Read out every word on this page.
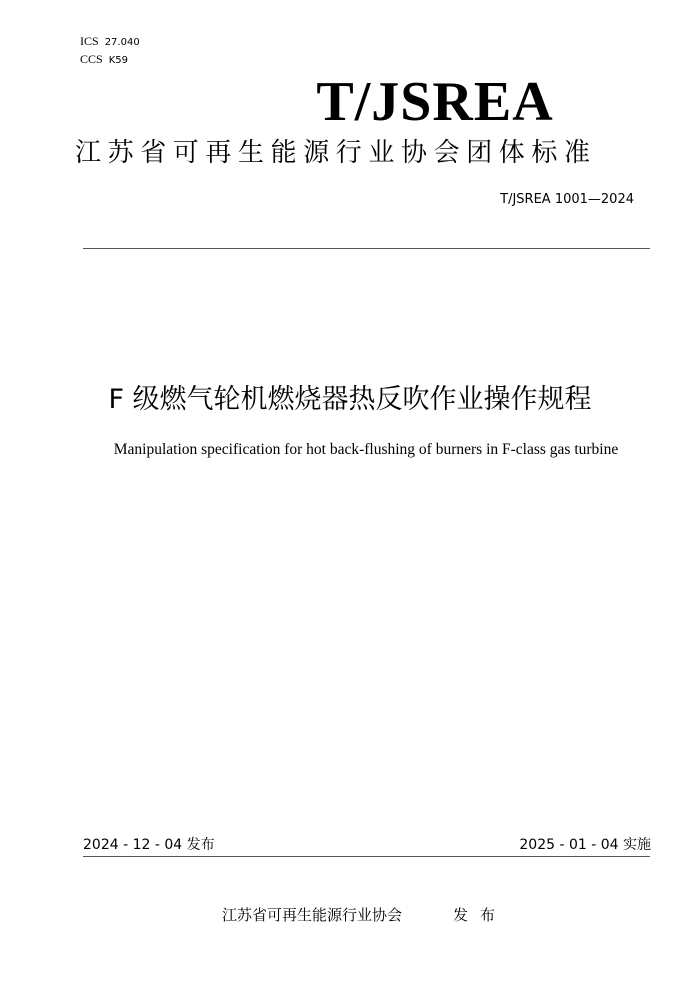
ICS 27.040
CCS K59
T/JSREA
江苏省可再生能源行业协会团体标准
T/JSREA 1001—2024
F 级燃气轮机燃烧器热反吹作业操作规程
Manipulation specification for hot back-flushing of burners in F-class gas turbine
2024 - 12 - 04 发布	2025 - 01 - 04 实施
江苏省可再生能源行业协会	发布
